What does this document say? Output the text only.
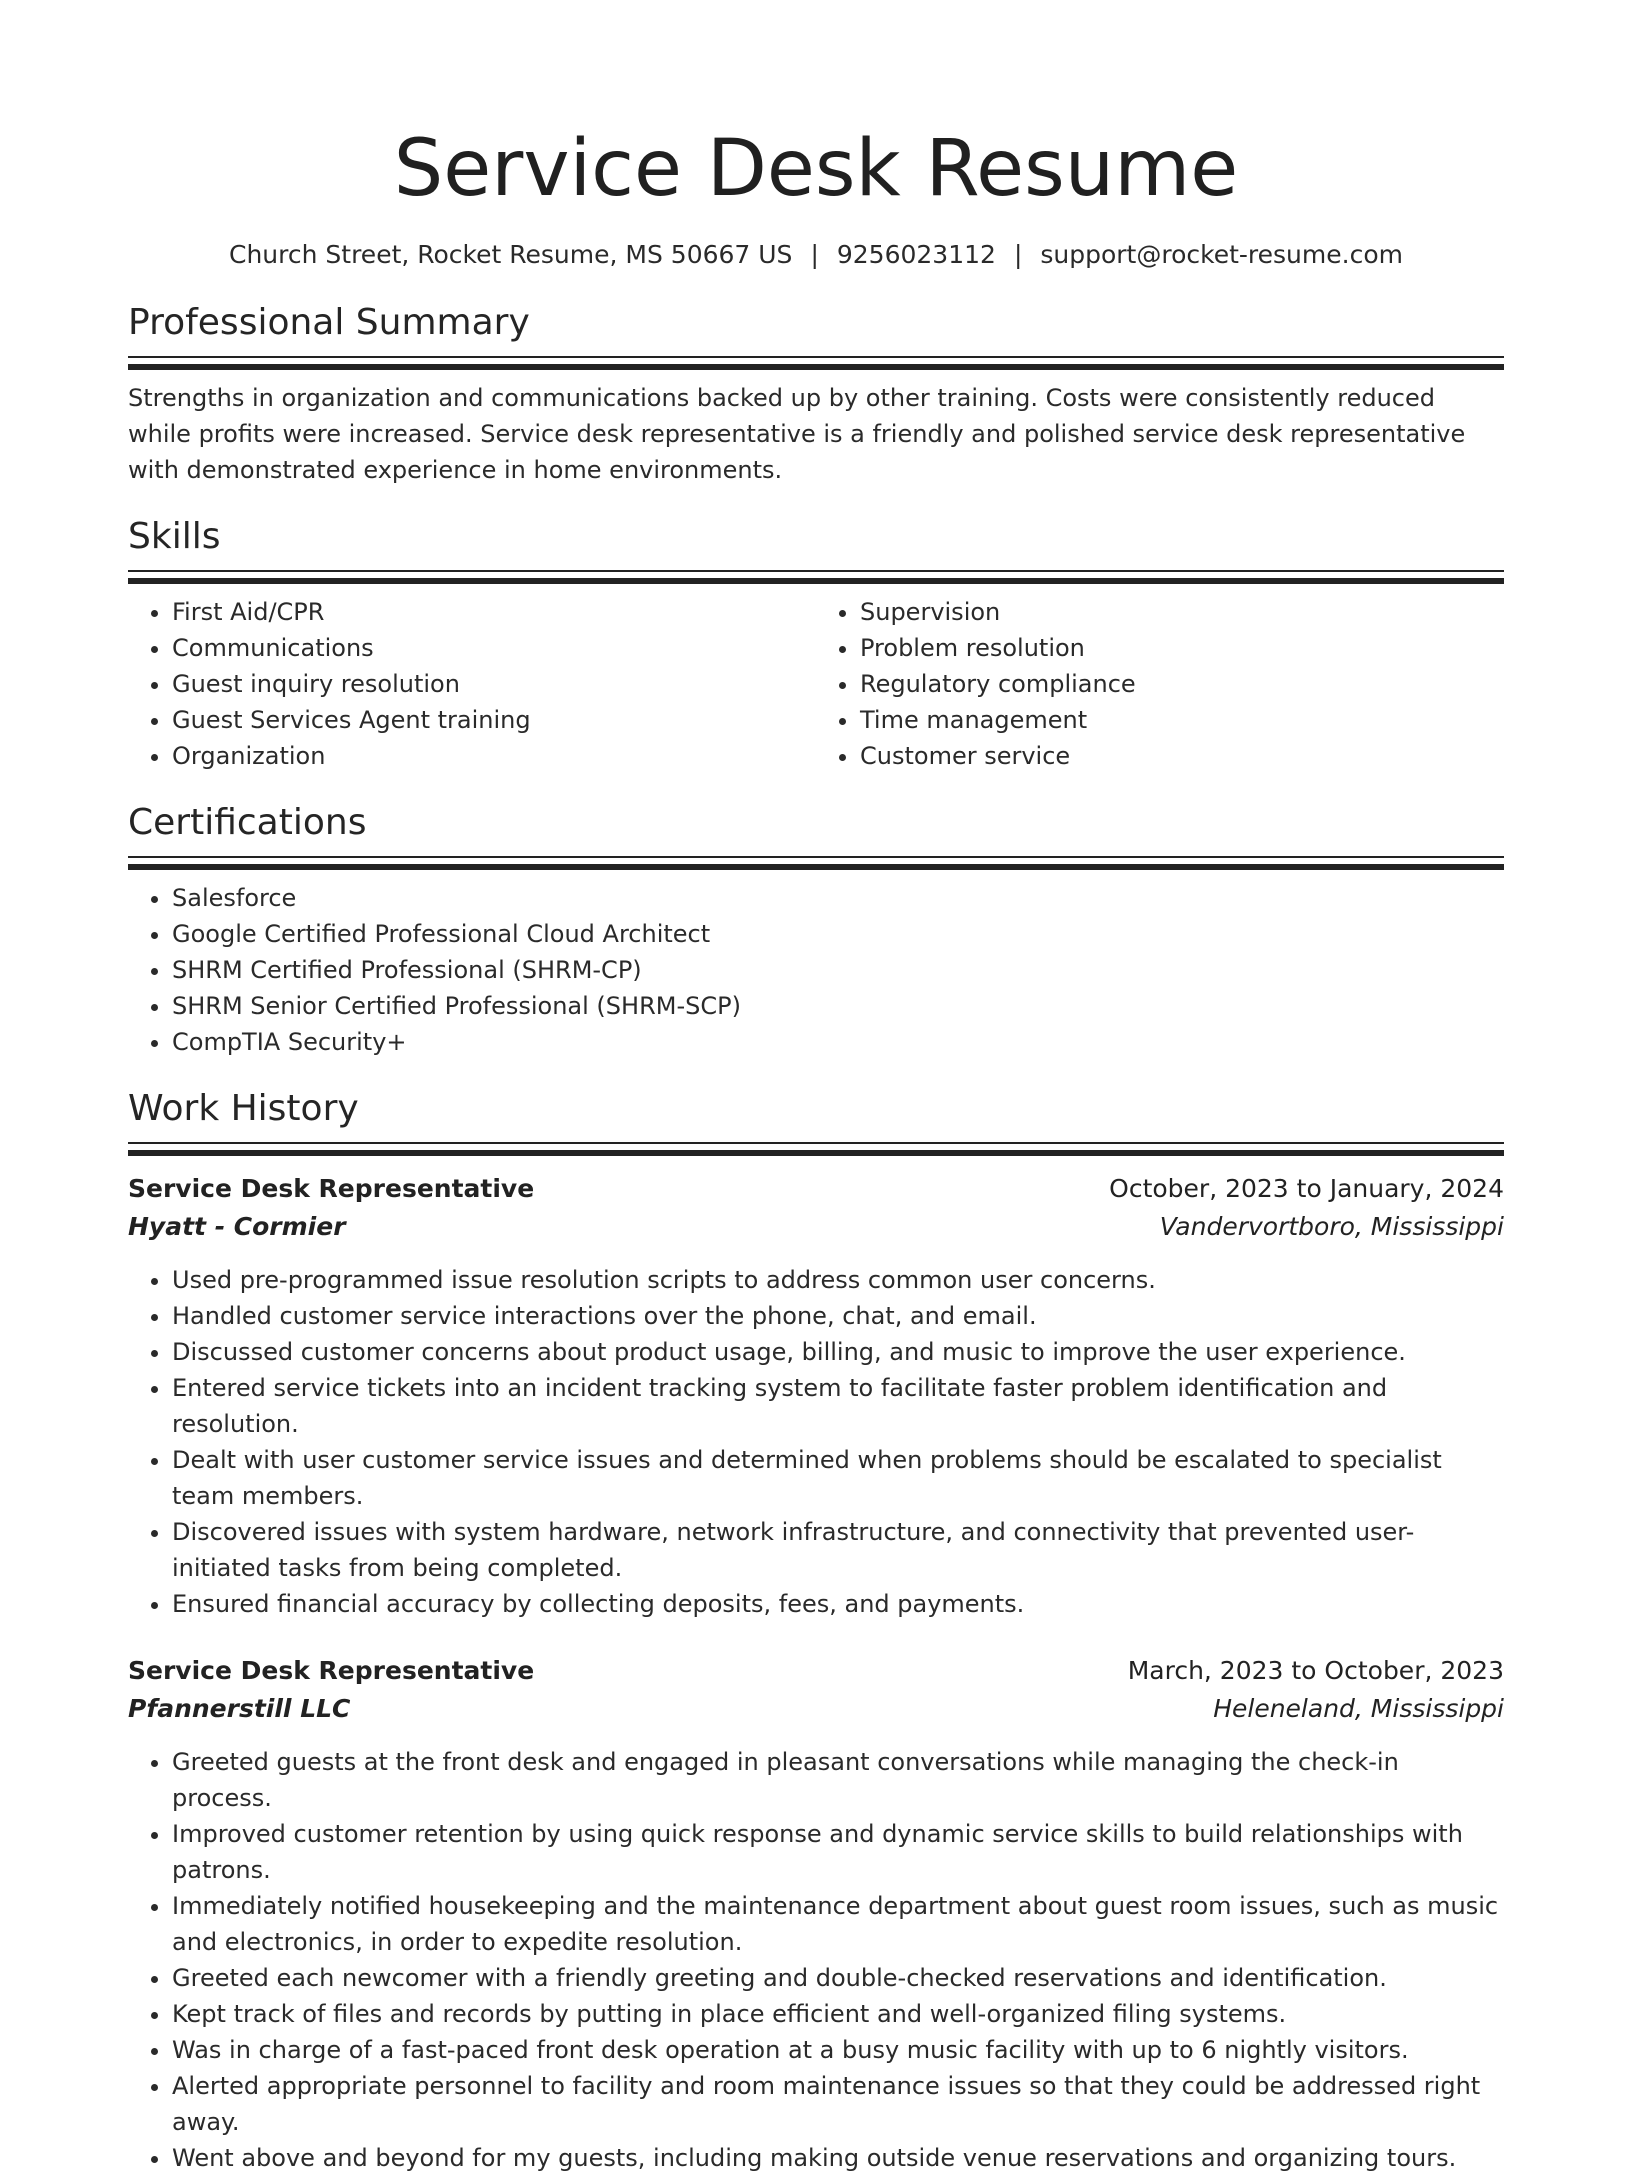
Service Desk Resume
Church Street, Rocket Resume, MS 50667 US | 9256023112 | support@rocket-resume.com
Professional Summary
Strengths in organization and communications backed up by other training. Costs were consistently reduced while profits were increased. Service desk representative is a friendly and polished service desk representative with demonstrated experience in home environments.
Skills
• First Aid/CPR
• Communications
• Guest inquiry resolution
• Guest Services Agent training
• Organization
• Supervision
• Problem resolution
• Regulatory compliance
• Time management
• Customer service
Certifications
• Salesforce
• Google Certified Professional Cloud Architect
• SHRM Certified Professional (SHRM-CP)
• SHRM Senior Certified Professional (SHRM-SCP)
• CompTIA Security+
Work History
Service Desk Representative	October, 2023 to January, 2024
Hyatt - Cormier	Vandervortboro, Mississippi
• Used pre-programmed issue resolution scripts to address common user concerns.
• Handled customer service interactions over the phone, chat, and email.
• Discussed customer concerns about product usage, billing, and music to improve the user experience.
• Entered service tickets into an incident tracking system to facilitate faster problem identification and resolution.
• Dealt with user customer service issues and determined when problems should be escalated to specialist team members.
• Discovered issues with system hardware, network infrastructure, and connectivity that prevented user-initiated tasks from being completed.
• Ensured financial accuracy by collecting deposits, fees, and payments.
Service Desk Representative	March, 2023 to October, 2023
Pfannerstill LLC	Heleneland, Mississippi
• Greeted guests at the front desk and engaged in pleasant conversations while managing the check-in process.
• Improved customer retention by using quick response and dynamic service skills to build relationships with patrons.
• Immediately notified housekeeping and the maintenance department about guest room issues, such as music and electronics, in order to expedite resolution.
• Greeted each newcomer with a friendly greeting and double-checked reservations and identification.
• Kept track of files and records by putting in place efficient and well-organized filing systems.
• Was in charge of a fast-paced front desk operation at a busy music facility with up to 6 nightly visitors.
• Alerted appropriate personnel to facility and room maintenance issues so that they could be addressed right away.
• Went above and beyond for my guests, including making outside venue reservations and organizing tours.
